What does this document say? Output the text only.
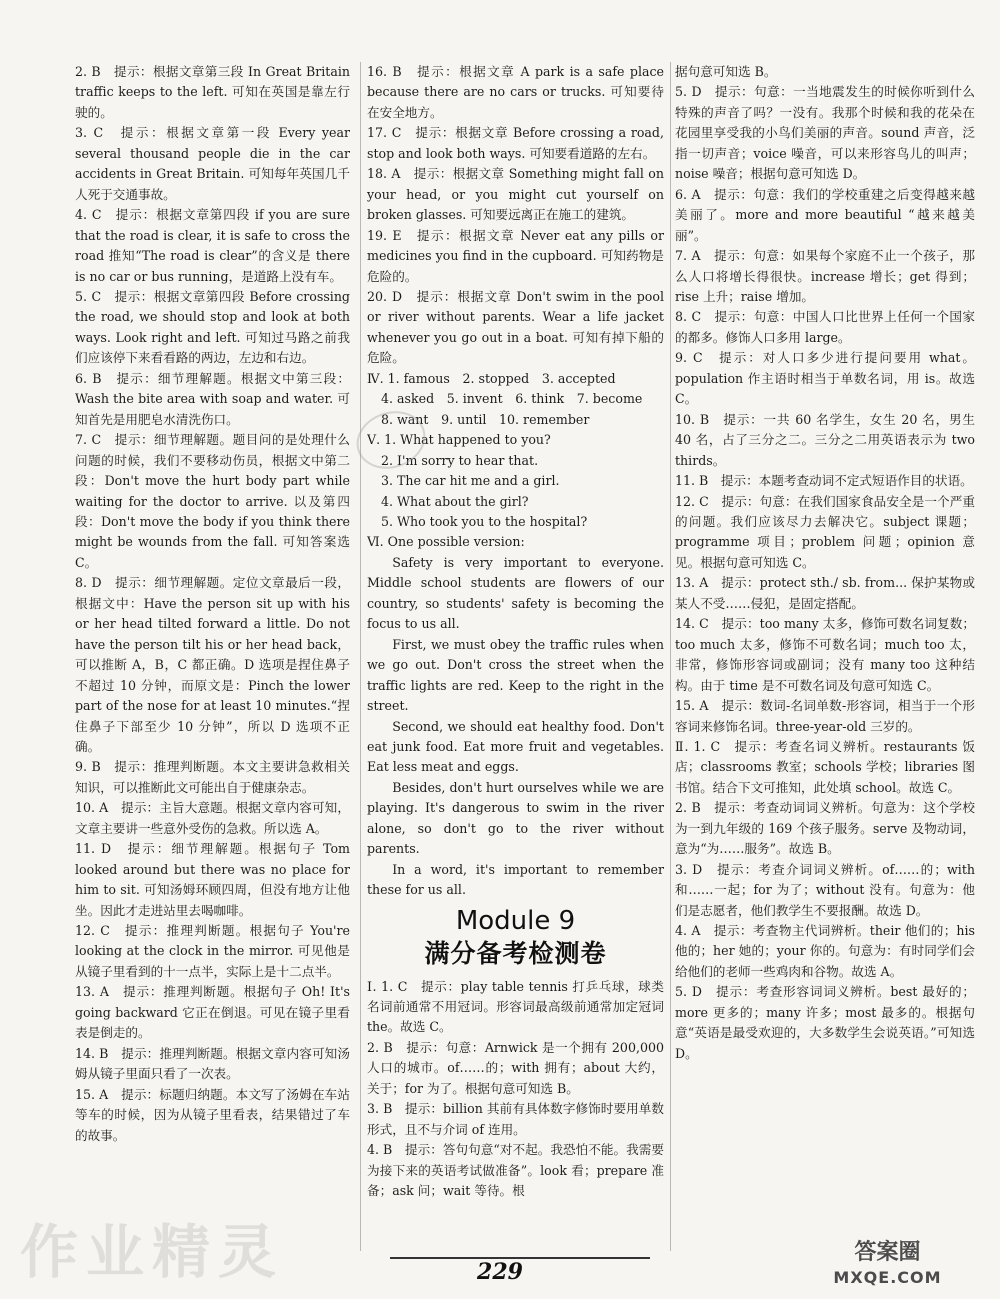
2. B　提示：根据文章第三段 In Great Britain traffic keeps to the left. 可知在英国是靠左行驶的。

3. C　提示：根据文章第一段 Every year several thousand people die in the car accidents in Great Britain. 可知每年英国几千人死于交通事故。

4. C　提示：根据文章第四段 if you are sure that the road is clear, it is safe to cross the road 推知“The road is clear”的含义是 there is no car or bus running，是道路上没有车。

5. C　提示：根据文章第四段 Before crossing the road, we should stop and look at both ways. Look right and left. 可知过马路之前我们应该停下来看看路的两边，左边和右边。

6. B　提示：细节理解题。根据文中第三段：Wash the bite area with soap and water. 可知首先是用肥皂水清洗伤口。

7. C　提示：细节理解题。题目问的是处理什么问题的时候，我们不要移动伤员，根据文中第二段：Don't move the hurt body part while waiting for the doctor to arrive. 以及第四段：Don't move the body if you think there might be wounds from the fall. 可知答案选 C。

8. D　提示：细节理解题。定位文章最后一段，根据文中：Have the person sit up with his or her head tilted forward a little. Do not have the person tilt his or her head back，可以推断 A，B，C 都正确。D 选项是捏住鼻子不超过 10 分钟，而原文是：Pinch the lower part of the nose for at least 10 minutes.“捏住鼻子下部至少 10 分钟”，所以 D 选项不正确。

9. B　提示：推理判断题。本文主要讲急救相关知识，可以推断此文可能出自于健康杂志。

10. A　提示：主旨大意题。根据文章内容可知，文章主要讲一些意外受伤的急救。所以选 A。

11. D　提示：细节理解题。根据句子 Tom looked around but there was no place for him to sit. 可知汤姆环顾四周，但没有地方让他坐。因此才走进站里去喝咖啡。

12. C　提示：推理判断题。根据句子 You're looking at the clock in the mirror. 可见他是从镜子里看到的十一点半，实际上是十二点半。

13. A　提示：推理判断题。根据句子 Oh! It's going backward 它正在倒退。可见在镜子里看表是倒走的。

14. B　提示：推理判断题。根据文章内容可知汤姆从镜子里面只看了一次表。

15. A　提示：标题归纳题。本文写了汤姆在车站等车的时候，因为从镜子里看表，结果错过了车的故事。

16. B　提示：根据文章 A park is a safe place because there are no cars or trucks. 可知要待在安全地方。

17. C　提示：根据文章 Before crossing a road, stop and look both ways. 可知要看道路的左右。

18. A　提示：根据文章 Something might fall on your head, or you might cut yourself on broken glasses. 可知要远离正在施工的建筑。

19. E　提示：根据文章 Never eat any pills or medicines you find in the cupboard. 可知药物是危险的。

20. D　提示：根据文章 Don't swim in the pool or river without parents. Wear a life jacket whenever you go out in a boat. 可知有掉下船的危险。

Ⅳ. 1. famous　2. stopped　3. accepted

4. asked　5. invent　6. think　7. become

8. want　9. until　10. remember

Ⅴ. 1. What happened to you?

2. I'm sorry to hear that.

3. The car hit me and a girl.

4. What about the girl?

5. Who took you to the hospital?

Ⅵ. One possible version:

Safety is very important to everyone. Middle school students are flowers of our country, so students' safety is becoming the focus to us all.

First, we must obey the traffic rules when we go out. Don't cross the street when the traffic lights are red. Keep to the right in the street.

Second, we should eat healthy food. Don't eat junk food. Eat more fruit and vegetables. Eat less meat and eggs.

Besides, don't hurt ourselves while we are playing. It's dangerous to swim in the river alone, so don't go to the river without parents.

In a word, it's important to remember these for us all.

Module 9
满分备考检测卷

Ⅰ. 1. C　提示：play table tennis 打乒乓球，球类名词前通常不用冠词。形容词最高级前通常加定冠词 the。故选 C。

2. B　提示：句意：Arnwick 是一个拥有 200,000 人口的城市。of……的；with 拥有；about 大约，关于；for 为了。根据句意可知选 B。

3. B　提示：billion 其前有具体数字修饰时要用单数形式，且不与介词 of 连用。

4. B　提示：答句句意“对不起。我恐怕不能。我需要为接下来的英语考试做准备”。look 看；prepare 准备；ask 问；wait 等待。根

据句意可知选 B。

5. D　提示：句意：一当地震发生的时候你听到什么特殊的声音了吗？一没有。我那个时候和我的花朵在花园里享受我的小鸟们美丽的声音。sound 声音，泛指一切声音；voice 噪音，可以来形容鸟儿的叫声；noise 噪音；根据句意可知选 D。

6. A　提示：句意：我们的学校重建之后变得越来越美丽了。more and more beautiful “越来越美丽”。

7. A　提示：句意：如果每个家庭不止一个孩子，那么人口将增长得很快。increase 增长；get 得到；rise 上升；raise 增加。

8. C　提示：句意：中国人口比世界上任何一个国家的都多。修饰人口多用 large。

9. C　提示：对人口多少进行提问要用 what。population 作主语时相当于单数名词，用 is。故选 C。

10. B　提示：一共 60 名学生，女生 20 名，男生 40 名，占了三分之二。三分之二用英语表示为 two thirds。

11. B　提示：本题考查动词不定式短语作目的状语。

12. C　提示：句意：在我们国家食品安全是一个严重的问题。我们应该尽力去解决它。subject 课题；programme 项目；problem 问题；opinion 意见。根据句意可知选 C。

13. A　提示：protect sth./ sb. from... 保护某物或某人不受……侵犯，是固定搭配。

14. C　提示：too many 太多，修饰可数名词复数；too much 太多，修饰不可数名词；much too 太，非常，修饰形容词或副词；没有 many too 这种结构。由于 time 是不可数名词及句意可知选 C。

15. A　提示：数词-名词单数-形容词，相当于一个形容词来修饰名词。three-year-old 三岁的。

Ⅱ. 1. C　提示：考查名词义辨析。restaurants 饭店；classrooms 教室；schools 学校；libraries 图书馆。结合下文可推知，此处填 school。故选 C。

2. B　提示：考查动词词义辨析。句意为：这个学校为一到九年级的 169 个孩子服务。serve 及物动词，意为“为……服务”。故选 B。

3. D　提示：考查介词词义辨析。of……的；with 和……一起；for 为了；without 没有。句意为：他们是志愿者，他们教学生不要报酬。故选 D。

4. A　提示：考查物主代词辨析。their 他们的；his 他的；her 她的；your 你的。句意为：有时同学们会给他们的老师一些鸡肉和谷物。故选 A。

5. D　提示：考查形容词词义辨析。best 最好的；more 更多的；many 许多；most 最多的。根据句意“英语是最受欢迎的，大多数学生会说英语。”可知选 D。

作业精灵	229
答案圈
MXQE.COM
